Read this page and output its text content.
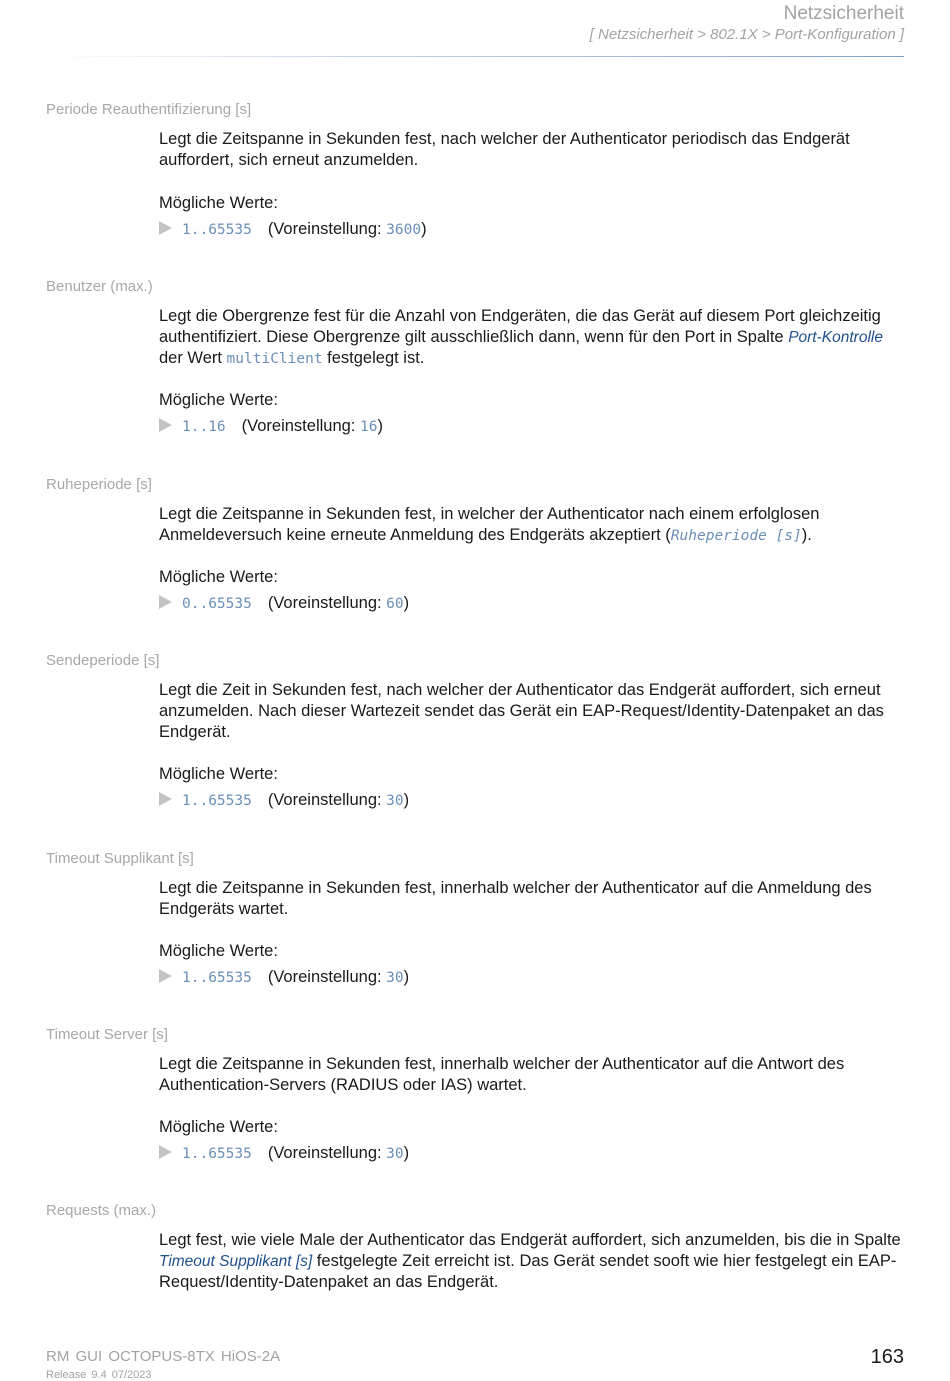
Netzsicherheit
[ Netzsicherheit > 802.1X > Port-Konfiguration ]
Periode Reauthentifizierung [s]

Legt die Zeitspanne in Sekunden fest, nach welcher der Authenticator periodisch das Endgerät auffordert, sich erneut anzumelden.

Mögliche Werte:
1..65535 (Voreinstellung: 3600)
Benutzer (max.)

Legt die Obergrenze fest für die Anzahl von Endgeräten, die das Gerät auf diesem Port gleichzeitig authentifiziert. Diese Obergrenze gilt ausschließlich dann, wenn für den Port in Spalte Port-Kontrolle der Wert multiClient festgelegt ist.

Mögliche Werte:
1..16 (Voreinstellung: 16)
Ruheperiode [s]

Legt die Zeitspanne in Sekunden fest, in welcher der Authenticator nach einem erfolglosen Anmeldeversuch keine erneute Anmeldung des Endgeräts akzeptiert (Ruheperiode [s]).

Mögliche Werte:
0..65535 (Voreinstellung: 60)
Sendeperiode [s]

Legt die Zeit in Sekunden fest, nach welcher der Authenticator das Endgerät auffordert, sich erneut anzumelden. Nach dieser Wartezeit sendet das Gerät ein EAP-Request/Identity-Datenpaket an das Endgerät.

Mögliche Werte:
1..65535 (Voreinstellung: 30)
Timeout Supplikant [s]

Legt die Zeitspanne in Sekunden fest, innerhalb welcher der Authenticator auf die Anmeldung des Endgeräts wartet.

Mögliche Werte:
1..65535 (Voreinstellung: 30)
Timeout Server [s]

Legt die Zeitspanne in Sekunden fest, innerhalb welcher der Authenticator auf die Antwort des Authentication-Servers (RADIUS oder IAS) wartet.

Mögliche Werte:
1..65535 (Voreinstellung: 30)
Requests (max.)

Legt fest, wie viele Male der Authenticator das Endgerät auffordert, sich anzumelden, bis die in Spalte Timeout Supplikant [s] festgelegte Zeit erreicht ist. Das Gerät sendet sooft wie hier festgelegt ein EAP-Request/Identity-Datenpaket an das Endgerät.

RM GUI OCTOPUS-8TX HiOS-2A
Release 9.4 07/2023
163
